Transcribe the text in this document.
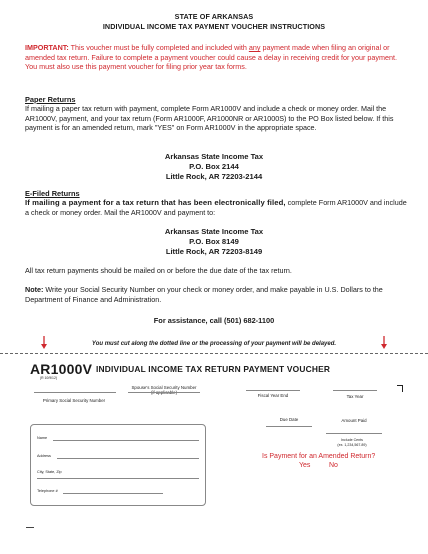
STATE OF ARKANSAS
INDIVIDUAL INCOME TAX PAYMENT VOUCHER INSTRUCTIONS
IMPORTANT: This voucher must be fully completed and included with any payment made when filing an original or amended tax return. Failure to complete a payment voucher could cause a delay in receiving credit for your payment. You must also use this payment voucher for filing prior year tax forms.
Paper Returns
If mailing a paper tax return with payment, complete Form AR1000V and include a check or money order. Mail the AR1000V, payment, and your tax return (Form AR1000F, AR1000NR or AR1000S) to the PO Box listed below. If this payment is for an amended return, mark "YES" on Form AR1000V in the appropriate space.
Arkansas State Income Tax
P.O. Box 2144
Little Rock, AR 72203-2144
E-Filed Returns
If mailing a payment for a tax return that has been electronically filed, complete Form AR1000V and include a check or money order. Mail the AR1000V and payment to:
Arkansas State Income Tax
P.O. Box 8149
Little Rock, AR 72203-8149
All tax return payments should be mailed on or before the due date of the tax return.
Note: Write your Social Security Number on your check or money order, and make payable in U.S. Dollars to the Department of Finance and Administration.
For assistance, call (501) 682-1100
You must cut along the dotted line or the processing of your payment will be delayed.
AR1000V
(R 10/9/12)
INDIVIDUAL INCOME TAX RETURN PAYMENT VOUCHER
Primary Social Security Number
Spouse's Social Security Number
(if applicable)
Fiscal Year End	Tax Year
Due Date	Amount Paid
Include Cents
(ex. 1,234,567.89)
Name
Address
City, State, Zip
Telephone #
Is Payment for an Amended Return?
Yes	No
